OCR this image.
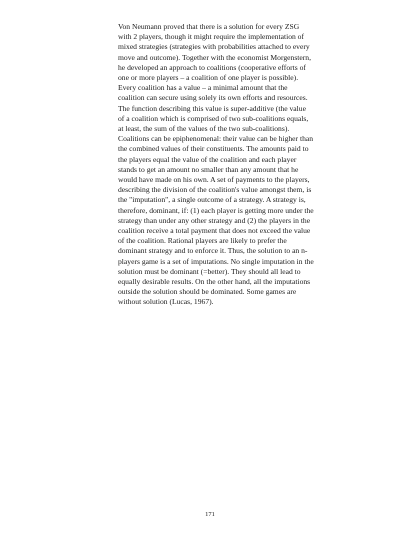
Von Neumann proved that there is a solution for every ZSG with 2 players, though it might require the implementation of mixed strategies (strategies with probabilities attached to every move and outcome). Together with the economist Morgenstern, he developed an approach to coalitions (cooperative efforts of one or more players – a coalition of one player is possible). Every coalition has a value – a minimal amount that the coalition can secure using solely its own efforts and resources. The function describing this value is super-additive (the value of a coalition which is comprised of two sub-coalitions equals, at least, the sum of the values of the two sub-coalitions). Coalitions can be epiphenomenal: their value can be higher than the combined values of their constituents. The amounts paid to the players equal the value of the coalition and each player stands to get an amount no smaller than any amount that he would have made on his own. A set of payments to the players, describing the division of the coalition's value amongst them, is the "imputation", a single outcome of a strategy. A strategy is, therefore, dominant, if: (1) each player is getting more under the strategy than under any other strategy and (2) the players in the coalition receive a total payment that does not exceed the value of the coalition. Rational players are likely to prefer the dominant strategy and to enforce it. Thus, the solution to an n-players game is a set of imputations. No single imputation in the solution must be dominant (=better). They should all lead to equally desirable results. On the other hand, all the imputations outside the solution should be dominated. Some games are without solution (Lucas, 1967).

171
